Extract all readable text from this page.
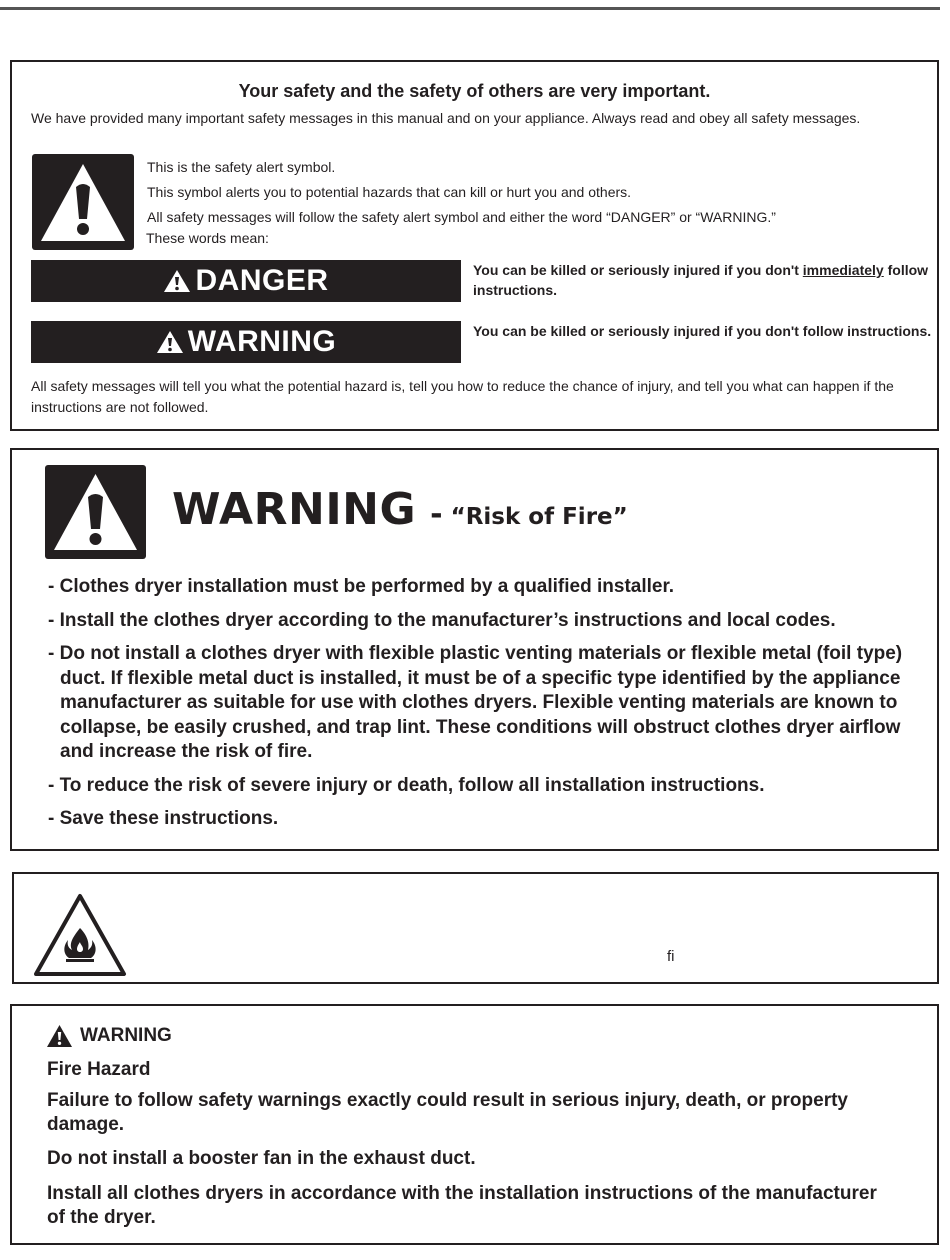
Your safety and the safety of others are very important.
We have provided many important safety messages in this manual and on your appliance. Always read and obey all safety messages.
This is the safety alert symbol.
This symbol alerts you to potential hazards that can kill or hurt you and others.
All safety messages will follow the safety alert symbol and either the word “DANGER” or “WARNING.”
These words mean:
DANGER	You can be killed or seriously injured if you don't immediately follow instructions.
WARNING	You can be killed or seriously injured if you don't follow instructions.
All safety messages will tell you what the potential hazard is, tell you how to reduce the chance of injury, and tell you what can happen if the instructions are not followed.
WARNING - “Risk of Fire”
- Clothes dryer installation must be performed by a qualified installer.
- Install the clothes dryer according to the manufacturer’s instructions and local codes.
- Do not install a clothes dryer with flexible plastic venting materials or flexible metal (foil type) duct. If flexible metal duct is installed, it must be of a specific type identified by the appliance manufacturer as suitable for use with clothes dryers. Flexible venting materials are known to collapse, be easily crushed, and trap lint. These conditions will obstruct clothes dryer airflow and increase the risk of fire.
- To reduce the risk of severe injury or death, follow all installation instructions.
- Save these instructions.
fi
WARNING
Fire Hazard
Failure to follow safety warnings exactly could result in serious injury, death, or property damage.
Do not install a booster fan in the exhaust duct.
Install all clothes dryers in accordance with the installation instructions of the manufacturer of the dryer.
